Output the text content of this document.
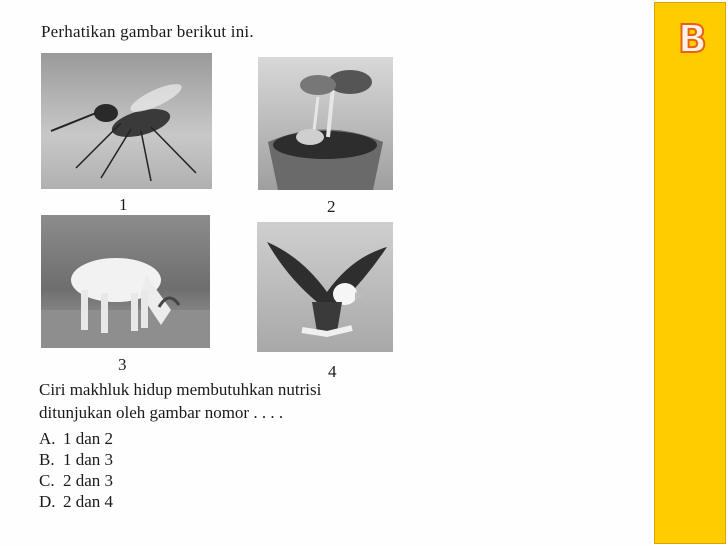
Perhatikan gambar berikut ini.
1	2
3	4
Ciri makhluk hidup membutuhkan nutrisi
ditunjukan oleh gambar nomor . . . .
A. 1 dan 2
B. 1 dan 3
C. 2 dan 3
D. 2 dan 4
B
